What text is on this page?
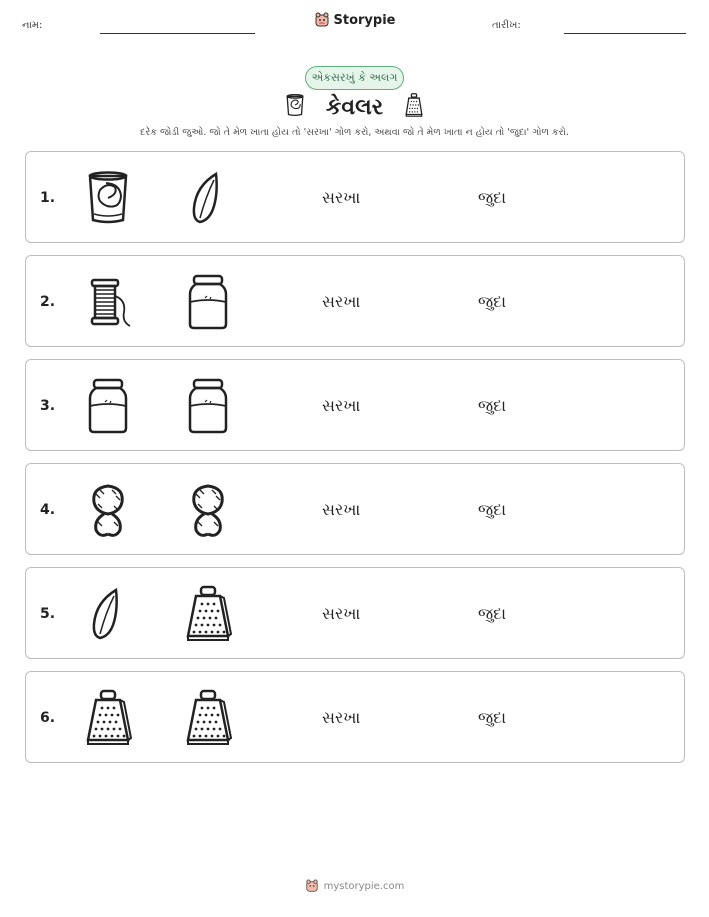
નામ:	Storypie	તારીખ:
એકસરખું કે અલગ
કેવલર
દરેક જોડી જુઓ. જો તે મેળ ખાતા હોય તો 'સરખા' ગોળ કરો, અથવા જો તે મેળ ખાતા ન હોય તો 'જુદા' ગોળ કરો.
1.	સરખા	જુદા
2.	સરખા	જુદા
3.	સરખા	જુદા
4.	સરખા	જુદા
5.	સરખા	જુદા
6.	સરખા	જુદા
mystorypie.com
